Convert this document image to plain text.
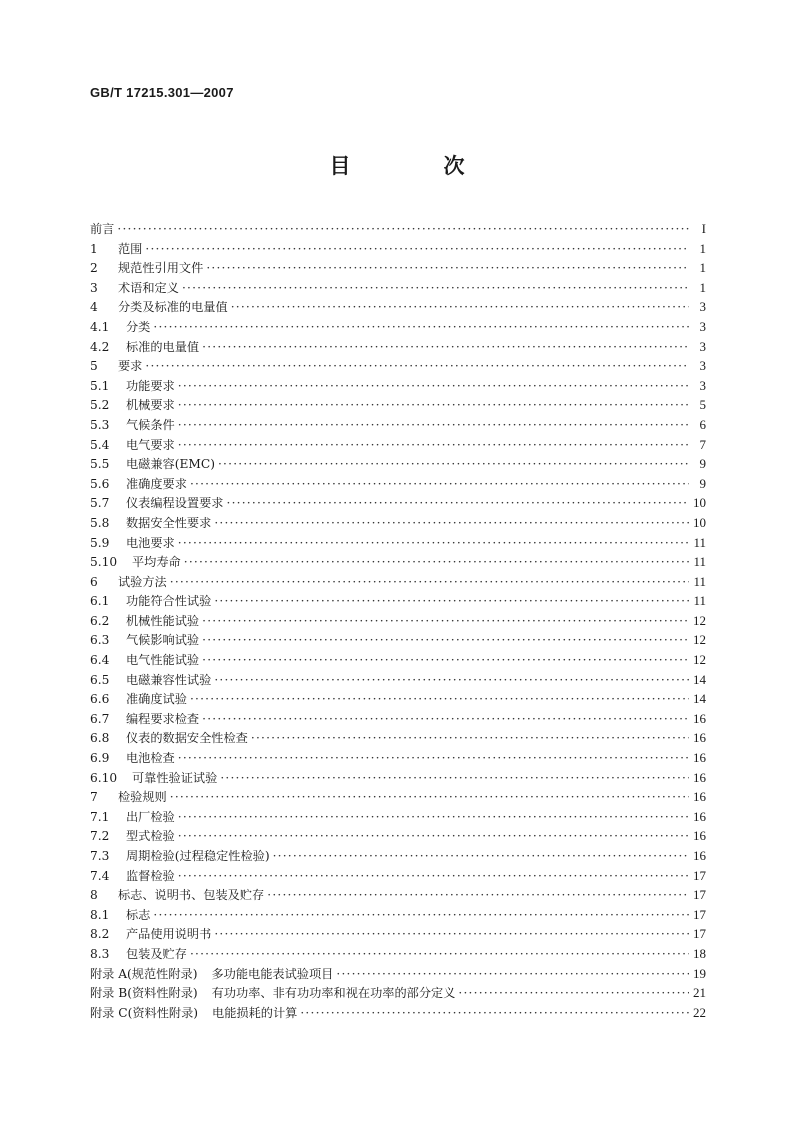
GB/T 17215.301—2007
目　次
前言 ·····	I
1	范围 ·····	1
2	规范性引用文件 ·····	1
3	术语和定义 ·····	1
4	分类及标准的电量值 ·····	3
4.1	分类 ·····	3
4.2	标准的电量值 ·····	3
5	要求 ·····	3
5.1	功能要求 ·····	3
5.2	机械要求 ·····	5
5.3	气候条件 ·····	6
5.4	电气要求 ·····	7
5.5	电磁兼容(EMC) ·····	9
5.6	准确度要求 ·····	9
5.7	仪表编程设置要求 ·····	10
5.8	数据安全性要求 ·····	10
5.9	电池要求 ·····	11
5.10	平均寿命 ·····	11
6	试验方法 ·····	11
6.1	功能符合性试验 ·····	11
6.2	机械性能试验 ·····	12
6.3	气候影响试验 ·····	12
6.4	电气性能试验 ·····	12
6.5	电磁兼容性试验 ·····	14
6.6	准确度试验 ·····	14
6.7	编程要求检查 ·····	16
6.8	仪表的数据安全性检查 ·····	16
6.9	电池检查 ·····	16
6.10	可靠性验证试验 ·····	16
7	检验规则 ·····	16
7.1	出厂检验 ·····	16
7.2	型式检验 ·····	16
7.3	周期检验(过程稳定性检验) ·····	16
7.4	监督检验 ·····	17
8	标志、说明书、包装及贮存 ·····	17
8.1	标志 ·····	17
8.2	产品使用说明书 ·····	17
8.3	包装及贮存 ·····	18
附录 A(规范性附录)	多功能电能表试验项目 ·····	19
附录 B(资料性附录)	有功功率、非有功功率和视在功率的部分定义 ·····	21
附录 C(资料性附录)	电能损耗的计算 ·····	22
